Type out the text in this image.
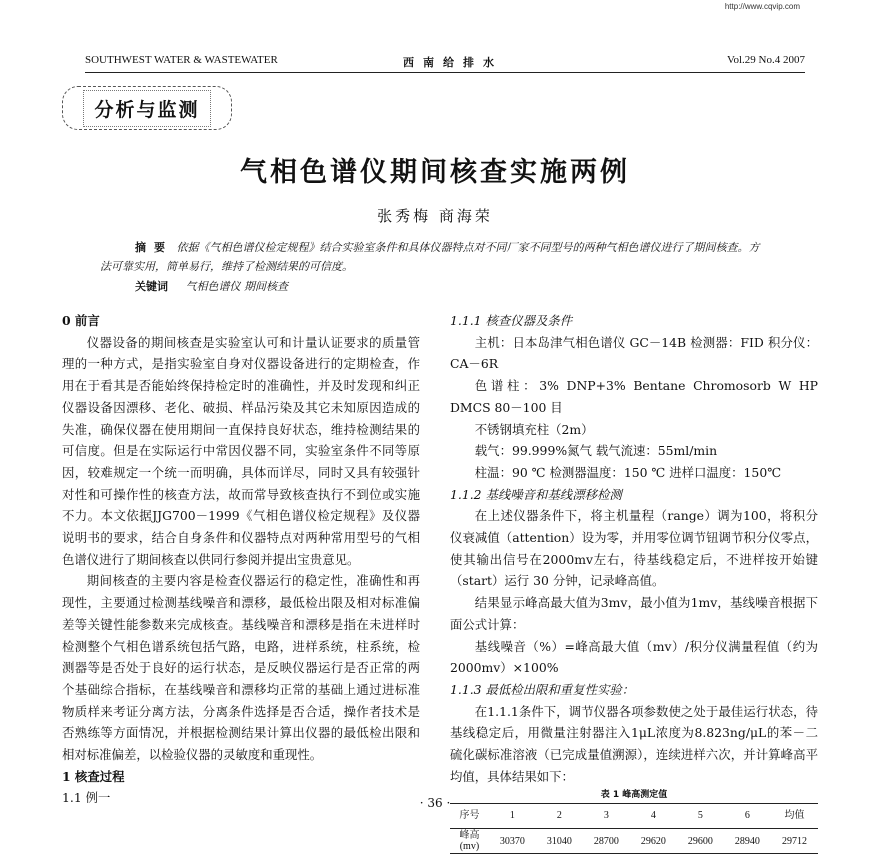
http://www.cqvip.com
SOUTHWEST WATER & WASTEWATER	西南给排水	Vol.29 No.4 2007
分析与监测
气相色谱仪期间核查实施两例
张秀梅 商海荣
摘要 依据《气相色谱仪检定规程》结合实验室条件和具体仪器特点对不同厂家不同型号的两种气相色谱仪进行了期间核查。方法可靠实用，简单易行，维持了检测结果的可信度。
关键词 气相色谱仪 期间核查

0 前言

仪器设备的期间核查是实验室认可和计量认证要求的质量管理的一种方式，是指实验室自身对仪器设备进行的定期检查，作用在于看其是否能始终保持检定时的准确性，并及时发现和纠正仪器设备因漂移、老化、破损、样品污染及其它未知原因造成的失准，确保仪器在使用期间一直保持良好状态，维持检测结果的可信度。但是在实际运行中常因仪器不同，实验室条件不同等原因，较难规定一个统一而明确，具体而详尽，同时又具有较强针对性和可操作性的核查方法，故而常导致核查执行不到位或实施不力。本文依据JJG700－1999《气相色谱仪检定规程》及仪器说明书的要求，结合自身条件和仪器特点对两种常用型号的气相色谱仪进行了期间核查以供同行参阅并提出宝贵意见。

期间核查的主要内容是检查仪器运行的稳定性，准确性和再现性，主要通过检测基线噪音和漂移，最低检出限及相对标准偏差等关键性能参数来完成核查。基线噪音和漂移是指在未进样时检测整个气相色谱系统包括气路，电路，进样系统，柱系统，检测器等是否处于良好的运行状态，是反映仪器运行是否正常的两个基础综合指标，在基线噪音和漂移均正常的基础上通过进标准物质样来考证分离方法，分离条件选择是否合适，操作者技术是否熟练等方面情况，并根据检测结果计算出仪器的最低检出限和相对标准偏差，以检验仪器的灵敏度和重现性。

1 核查过程

1.1 例一

1.1.1 核查仪器及条件

主机：日本岛津气相色谱仪 GC－14B 检测器：FID 积分仪：CA－6R

色谱柱：3% DNP+3% Bentane Chromosorb W HP DMCS 80－100 目

不锈钢填充柱（2m）

载气：99.999%氮气 载气流速：55ml/min

柱温：90 ℃ 检测器温度：150 ℃ 进样口温度：150℃

1.1.2 基线噪音和基线漂移检测

在上述仪器条件下，将主机量程（range）调为100，将积分仪衰减值（attention）设为零，并用零位调节钮调节积分仪零点，使其输出信号在2000mv左右，待基线稳定后，不进样按开始键（start）运行 30 分钟，记录峰高值。

结果显示峰高最大值为3mv，最小值为1mv，基线噪音根据下面公式计算：

基线噪音（%）=峰高最大值（mv）/积分仪满量程值（约为2000mv）×100%

1.1.3 最低检出限和重复性实验：

在1.1.1条件下，调节仪器各项参数使之处于最佳运行状态，待基线稳定后，用微量注射器注入1μL浓度为8.823ng/μL的苯－二硫化碳标准溶液（已完成量值溯源），连续进样六次，并计算峰高平均值，具体结果如下：

表 1 峰高测定值
序号	1	2	3	4	5	6	均值
峰高
(mv)	30370	31040	28700	29620	29600	28940	29712
· 36 ·
